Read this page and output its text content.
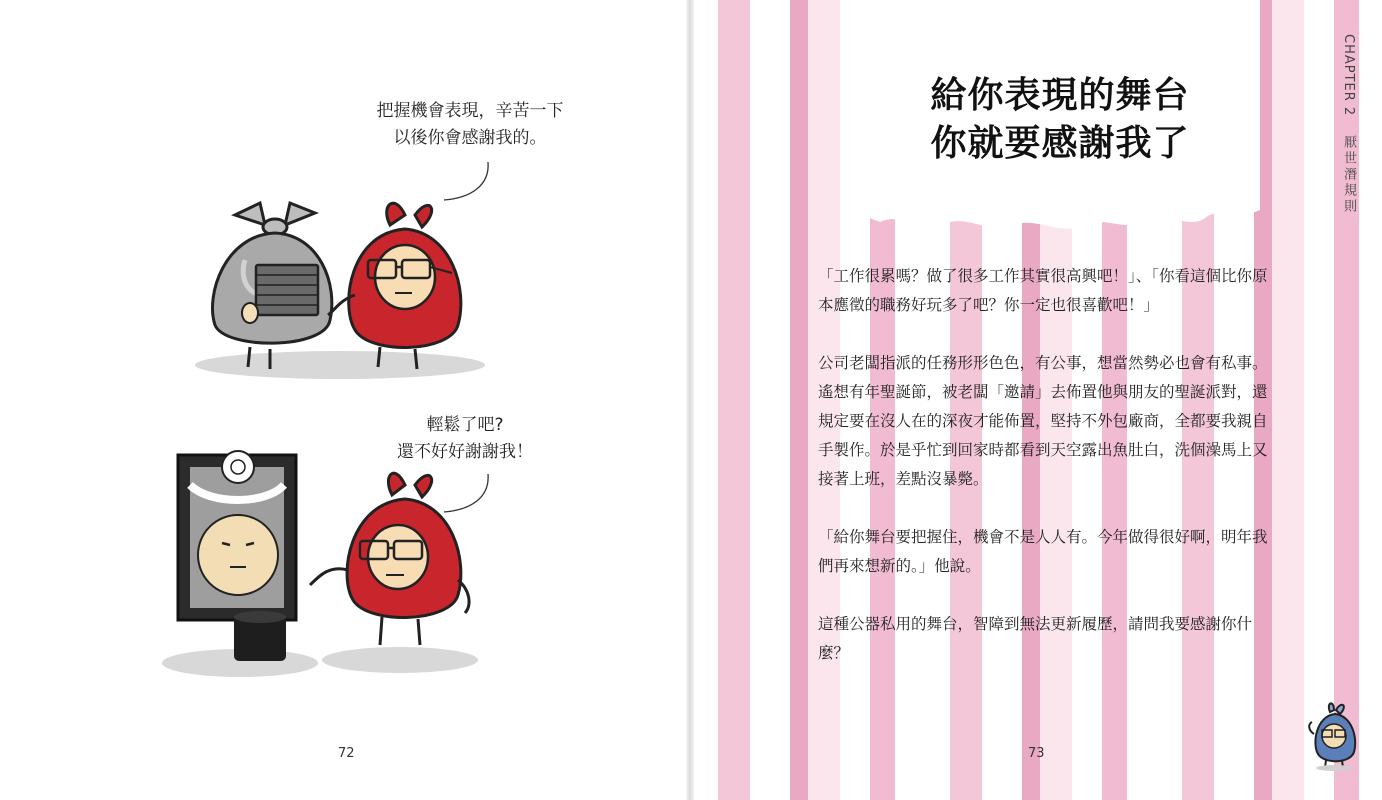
把握機會表現，辛苦一下
以後你會感謝我的。
輕鬆了吧?
還不好好謝謝我！
72
給你表現的舞台
你就要感謝我了
CHAPTER 2 厭世潛規則

「工作很累嗎？做了很多工作其實很高興吧！」、「你看這個比你原本應徵的職務好玩多了吧？你一定也很喜歡吧！」

公司老闆指派的任務形形色色，有公事，想當然勢必也會有私事。遙想有年聖誕節，被老闆「邀請」去佈置他與朋友的聖誕派對，還規定要在沒人在的深夜才能佈置，堅持不外包廠商，全都要我親自手製作。於是乎忙到回家時都看到天空露出魚肚白，洗個澡馬上又接著上班，差點沒暴斃。

「給你舞台要把握住，機會不是人人有。今年做得很好啊，明年我們再來想新的。」他說。

這種公器私用的舞台，智障到無法更新履歷，請問我要感謝你什麼？

73
